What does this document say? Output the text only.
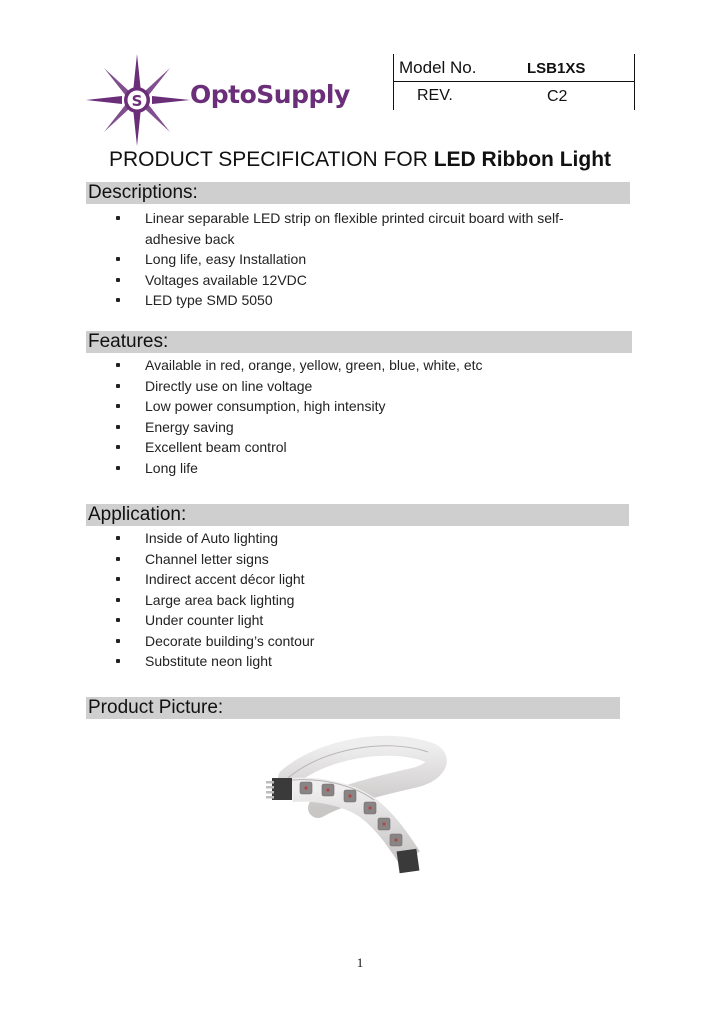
S OptoSupply
Model No.	LSB1XS
REV.	C2
PRODUCT SPECIFICATION FOR LED Ribbon Light
Descriptions:
Linear separable LED strip on flexible printed circuit board with self-
adhesive back
Long life, easy Installation
Voltages available 12VDC
LED type SMD 5050
Features:
Available in red, orange, yellow, green, blue, white, etc
Directly use on line voltage
Low power consumption, high intensity
Energy saving
Excellent beam control
Long life
Application:
Inside of Auto lighting
Channel letter signs
Indirect accent décor light
Large area back lighting
Under counter light
Decorate building’s contour
Substitute neon light
Product Picture:
1
